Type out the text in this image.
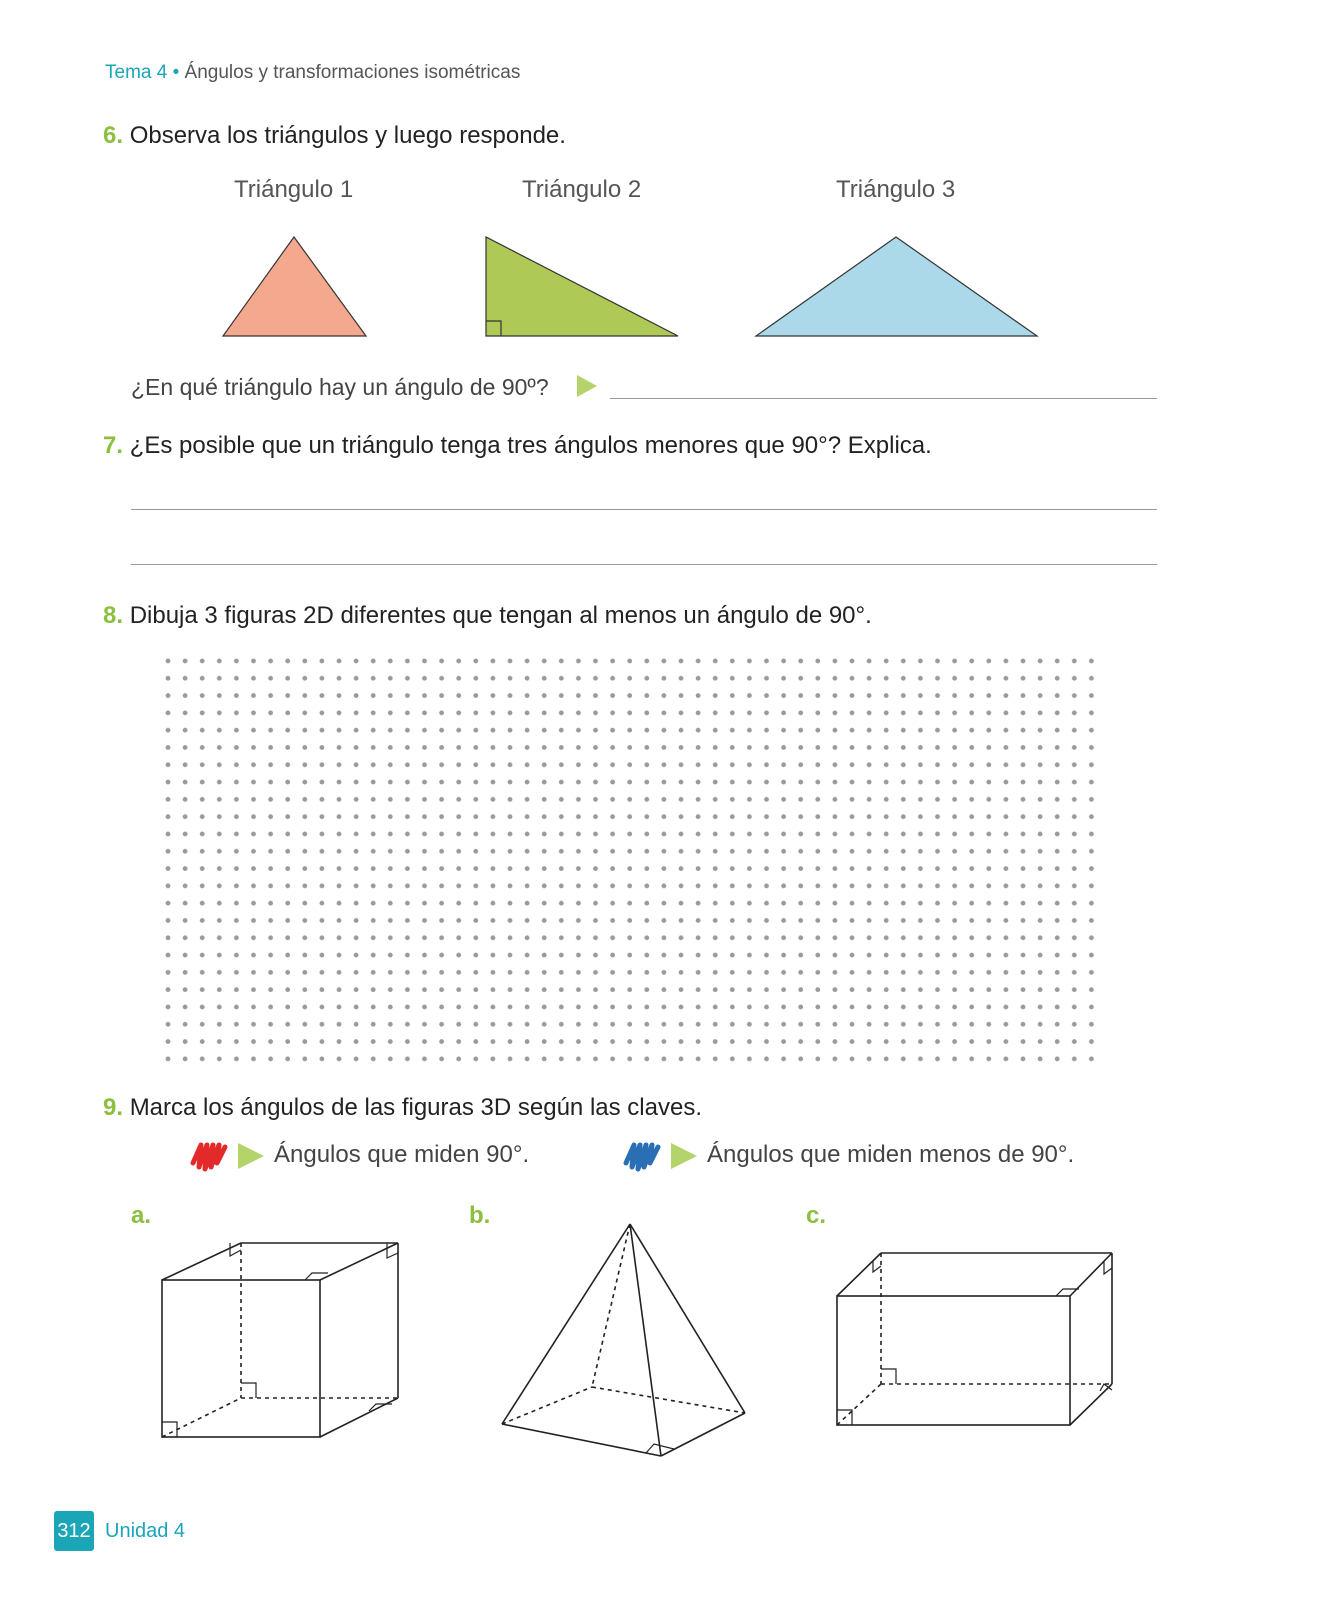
Tema 4 • Ángulos y transformaciones isométricas
6. Observa los triángulos y luego responde.
Triángulo 1	Triángulo 2	Triángulo 3
¿En qué triángulo hay un ángulo de 90º?
7. ¿Es posible que un triángulo tenga tres ángulos menores que 90°? Explica.
8. Dibuja 3 figuras 2D diferentes que tengan al menos un ángulo de 90°.
9. Marca los ángulos de las figuras 3D según las claves.
Ángulos que miden 90°.	Ángulos que miden menos de 90°.
a.	b.	c.
312 Unidad 4
